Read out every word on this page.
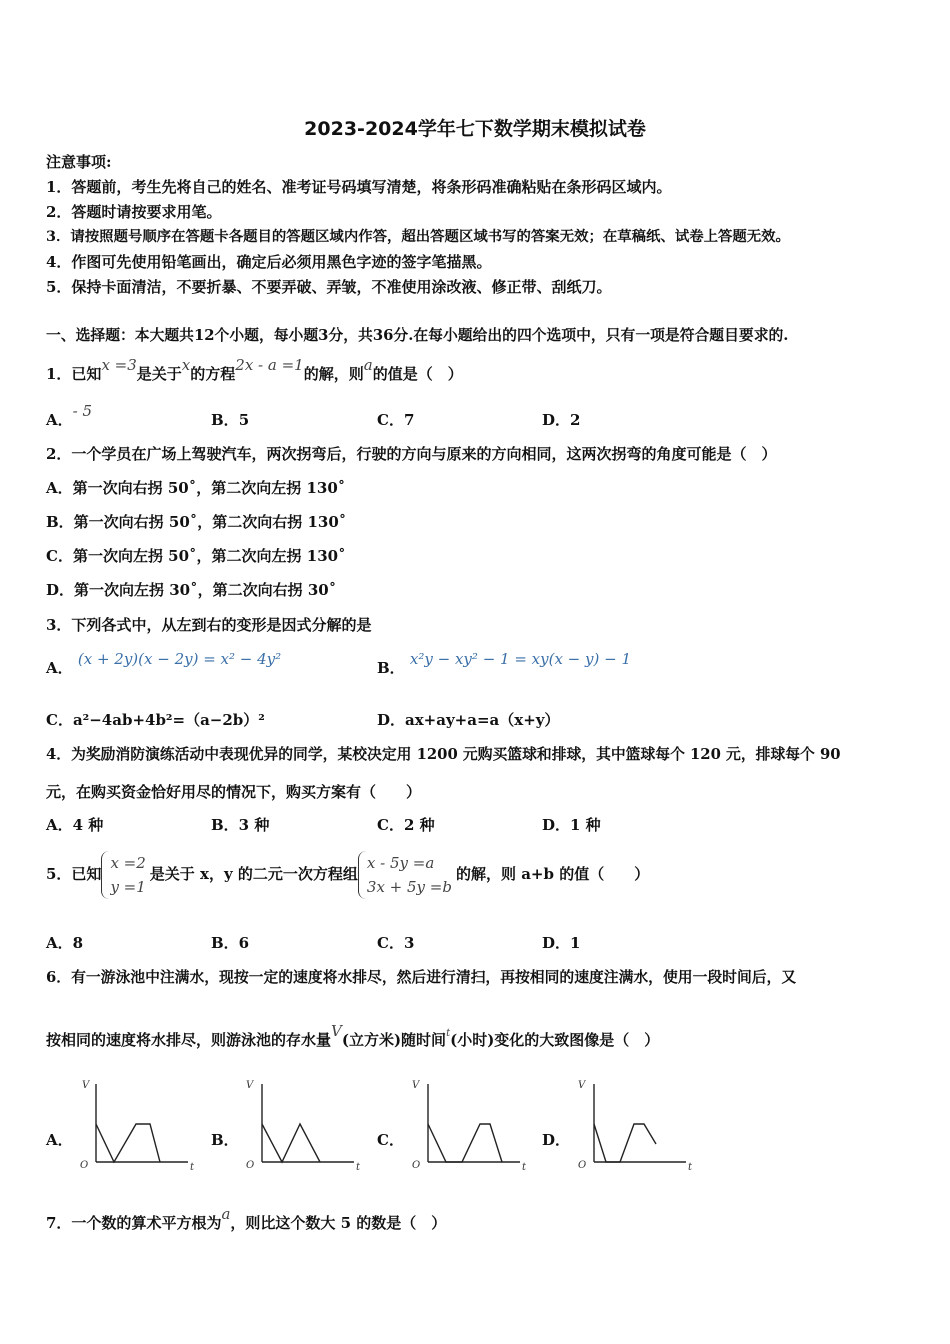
2023-2024学年七下数学期末模拟试卷
注意事项:
1．答题前，考生先将自己的姓名、准考证号码填写清楚，将条形码准确粘贴在条形码区域内。
2．答题时请按要求用笔。
3．请按照题号顺序在答题卡各题目的答题区域内作答，超出答题区域书写的答案无效；在草稿纸、试卷上答题无效。
4．作图可先使用铅笔画出，确定后必须用黑色字迹的签字笔描黑。
5．保持卡面清洁，不要折暴、不要弄破、弄皱，不准使用涂改液、修正带、刮纸刀。
一、选择题：本大题共12个小题，每小题3分，共36分.在每小题给出的四个选项中，只有一项是符合题目要求的.
1．已知x =3是关于x的方程2x - a =1的解，则a的值是（　）
A．- 5	B．5	C．7	D．2
2．一个学员在广场上驾驶汽车，两次拐弯后，行驶的方向与原来的方向相同，这两次拐弯的角度可能是（　）
A．第一次向右拐 50˚，第二次向左拐 130˚
B．第一次向右拐 50˚，第二次向右拐 130˚
C．第一次向左拐 50˚，第二次向左拐 130˚
D．第一次向左拐 30˚，第二次向右拐 30˚
3．下列各式中，从左到右的变形是因式分解的是
A． (x + 2y)(x − 2y) = x² − 4y²	B． x²y − xy² − 1 = xy(x − y) − 1
C．a²−4ab+4b²=（a−2b）²	D．ax+ay+a=a（x+y）
4．为奖励消防演练活动中表现优异的同学，某校决定用 1200 元购买篮球和排球，其中篮球每个 120 元，排球每个 90
元，在购买资金恰好用尽的情况下，购买方案有（　　）
A．4 种	B．3 种	C．2 种	D．1 种
5．已知
x =2
y =1
是关于 x，y 的二元一次方程组
x - 5y =a
3x + 5y =b
的解，则 a+b 的值（　　）
A．8	B．6	C．3	D．1
6．有一游泳池中注满水，现按一定的速度将水排尽，然后进行清扫，再按相同的速度注满水，使用一段时间后，又
按相同的速度将水排尽，则游泳池的存水量V(立方米)随时间$^t$(小时)变化的大致图像是（　）
A．	B．	C．	D．
V
t
O
V
t
O
V
t
O
V
t
O
7．一个数的算术平方根为a，则比这个数大 5 的数是（　）
